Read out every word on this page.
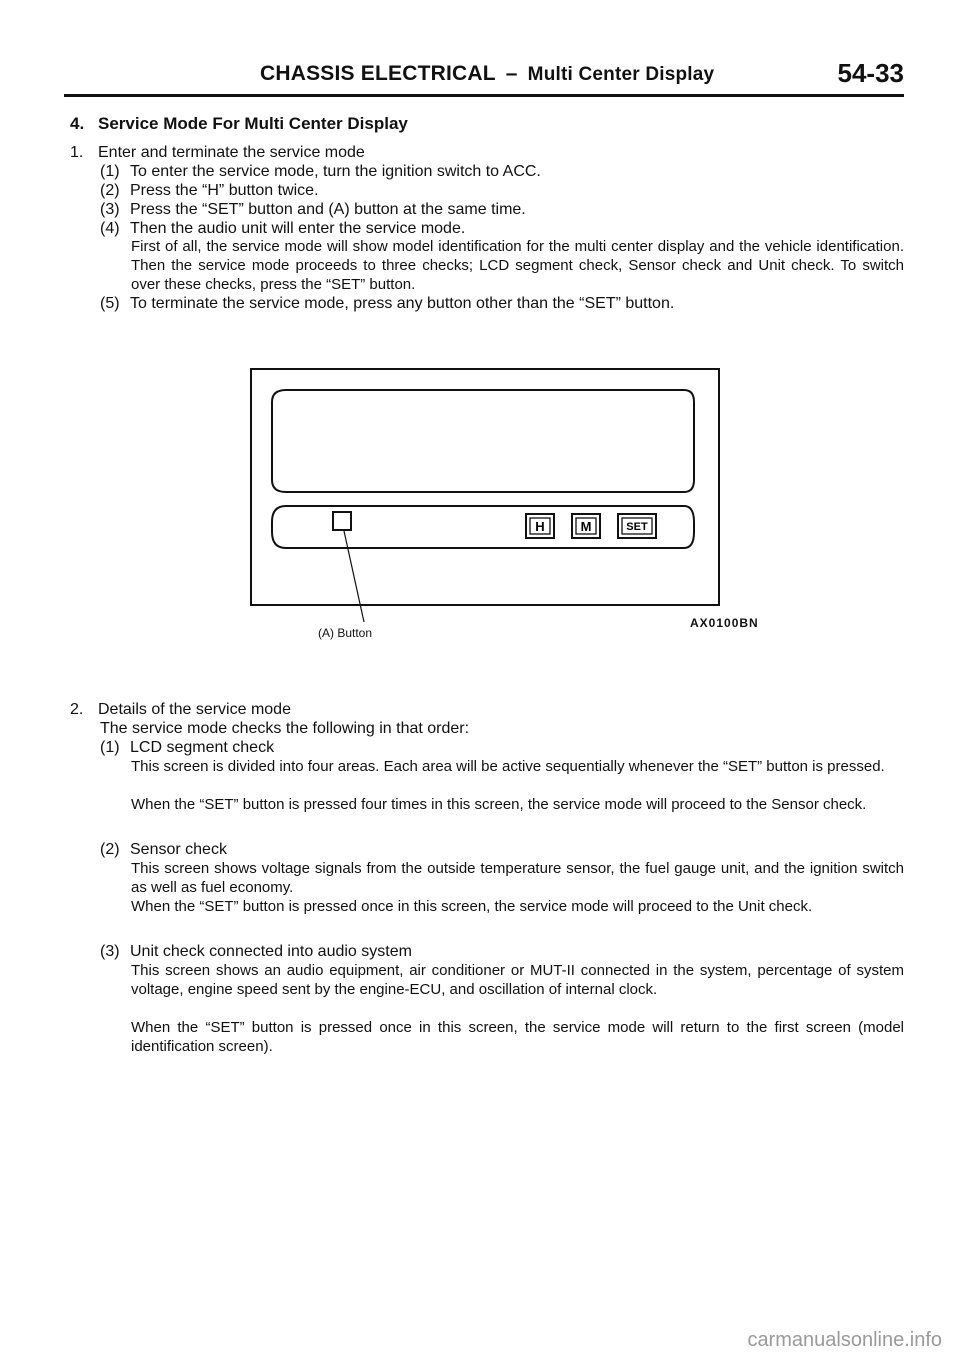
CHASSIS ELECTRICAL – Multi Center Display	54-33
4. Service Mode For Multi Center Display
1. Enter and terminate the service mode
(1) To enter the service mode, turn the ignition switch to ACC.
(2) Press the “H” button twice.
(3) Press the “SET” button and (A) button at the same time.
(4) Then the audio unit will enter the service mode.
First of all, the service mode will show model identification for the multi center display and the vehicle identification. Then the service mode proceeds to three checks; LCD segment check, Sensor check and Unit check. To switch over these checks, press the “SET” button.
(5) To terminate the service mode, press any button other than the “SET” button.
H	M	SET
(A) Button
AX0100BN
2. Details of the service mode
The service mode checks the following in that order:
(1) LCD segment check
This screen is divided into four areas. Each area will be active sequentially whenever the “SET” button is pressed.
When the “SET” button is pressed four times in this screen, the service mode will proceed to the Sensor check.
(2) Sensor check
This screen shows voltage signals from the outside temperature sensor, the fuel gauge unit, and the ignition switch as well as fuel economy.
When the “SET” button is pressed once in this screen, the service mode will proceed to the Unit check.
(3) Unit check connected into audio system
This screen shows an audio equipment, air conditioner or MUT-II connected in the system, percentage of system voltage, engine speed sent by the engine-ECU, and oscillation of internal clock.
When the “SET” button is pressed once in this screen, the service mode will return to the first screen (model identification screen).
carmanualsonline.info
